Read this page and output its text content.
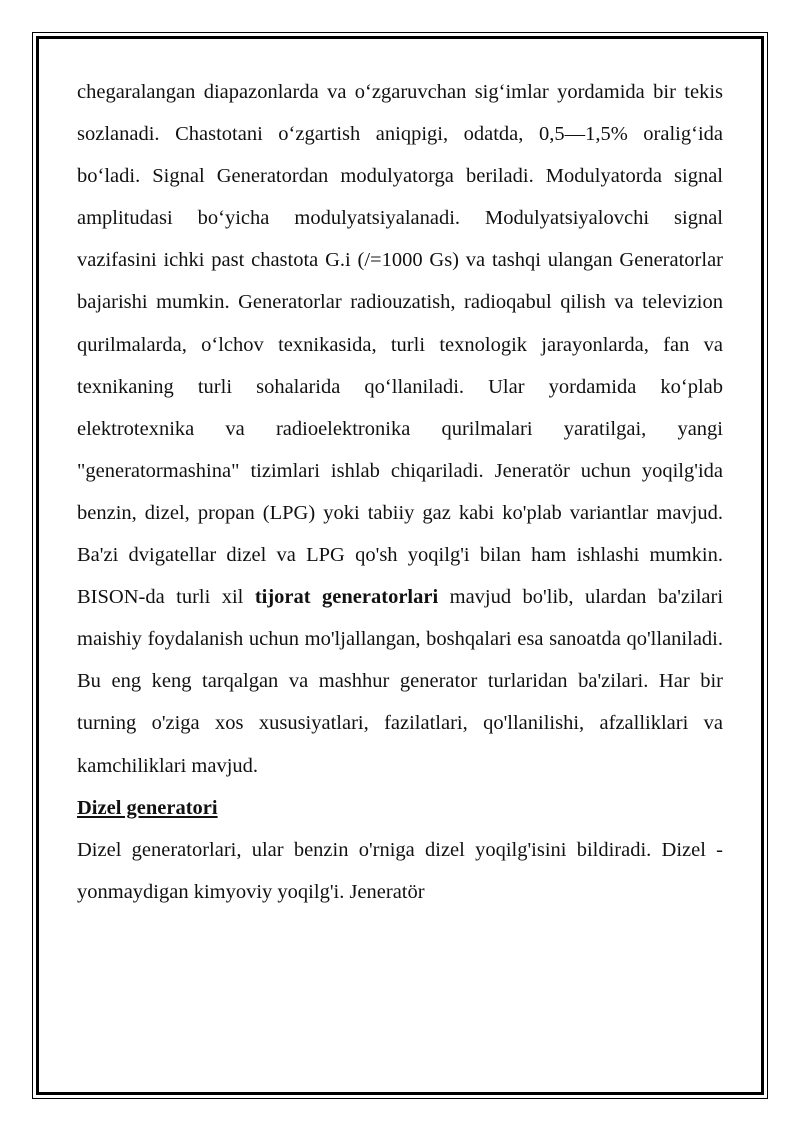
chegaralangan diapazonlarda va o‘zgaruvchan sig‘imlar yordamida bir tekis sozlanadi. Chastotani o‘zgartish aniqpigi, odatda, 0,5—1,5% oralig‘ida bo‘ladi. Signal Generatordan modulyatorga beriladi. Modulyatorda signal amplitudasi bo‘yicha modulyatsiyalanadi. Modulyatsiyalovchi signal vazifasini ichki past chastota G.i (/=1000 Gs) va tashqi ulangan Generatorlar bajarishi mumkin. Generatorlar radiouzatish, radioqabul qilish va televizion qurilmalarda, o‘lchov texnikasida, turli texnologik jarayonlarda, fan va texnikaning turli sohalarida qo‘llaniladi. Ular yordamida ko‘plab elektrotexnika va radioelektronika qurilmalari yaratilgai, yangi "generatormashina" tizimlari ishlab chiqariladi. Jeneratör uchun yoqilg'ida benzin, dizel, propan (LPG) yoki tabiiy gaz kabi ko'plab variantlar mavjud. Ba'zi dvigatellar dizel va LPG qo'sh yoqilg'i bilan ham ishlashi mumkin. BISON-da turli xil tijorat generatorlari mavjud bo'lib, ulardan ba'zilari maishiy foydalanish uchun mo'ljallangan, boshqalari esa sanoatda qo'llaniladi. Bu eng keng tarqalgan va mashhur generator turlaridan ba'zilari. Har bir turning o'ziga xos xususiyatlari, fazilatlari, qo'llanilishi, afzalliklari va kamchiliklari mavjud.

Dizel generatori

Dizel generatorlari, ular benzin o'rniga dizel yoqilg'isini bildiradi. Dizel - yonmaydigan kimyoviy yoqilg'i. Jeneratör
